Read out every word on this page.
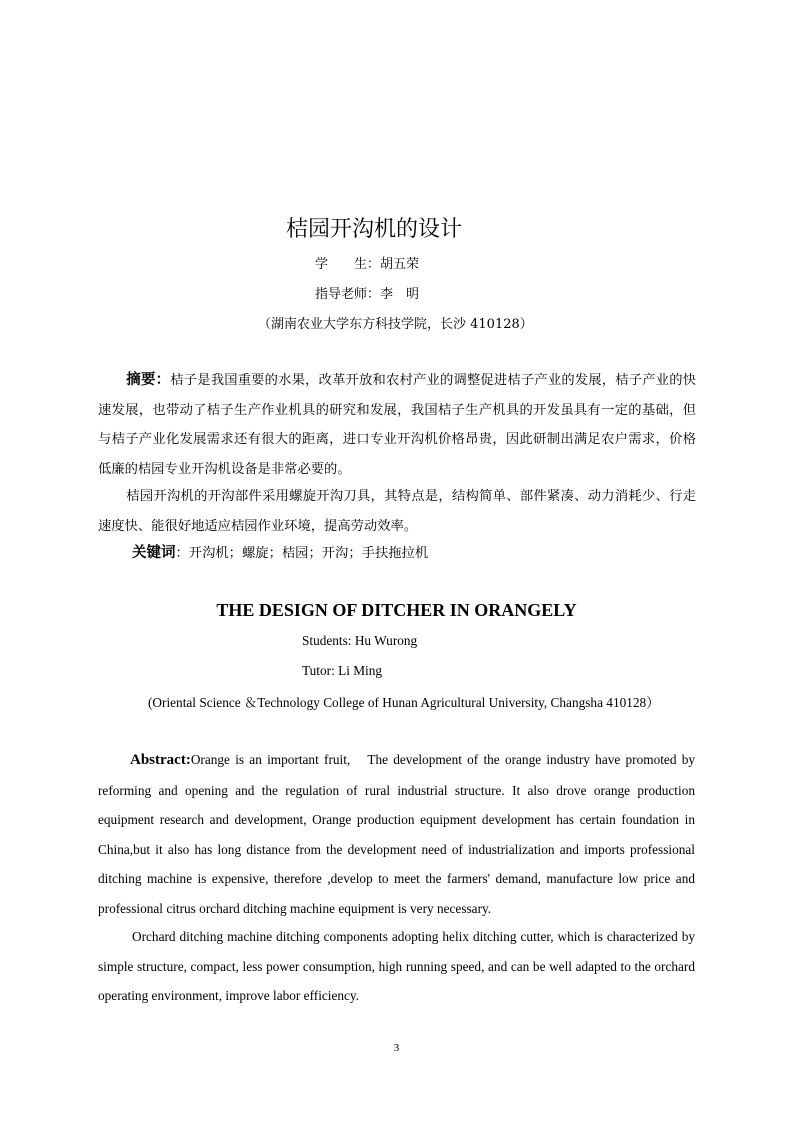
桔园开沟机的设计
学　　生：胡五荣
指导老师：李　明
（湖南农业大学东方科技学院，长沙 410128）
摘要：桔子是我国重要的水果，改革开放和农村产业的调整促进桔子产业的发展，桔子产业的快速发展，也带动了桔子生产作业机具的研究和发展，我国桔子生产机具的开发虽具有一定的基础，但与桔子产业化发展需求还有很大的距离，进口专业开沟机价格昂贵，因此研制出满足农户需求，价格低廉的桔园专业开沟机设备是非常必要的。
桔园开沟机的开沟部件采用螺旋开沟刀具，其特点是，结构简单、部件紧凑、动力消耗少、行走速度快、能很好地适应桔园作业环境，提高劳动效率。
关键词：开沟机；螺旋；桔园；开沟；手扶拖拉机
THE DESIGN OF DITCHER IN ORANGELY
Students: Hu Wurong
Tutor: Li Ming
(Oriental Science ＆Technology College of Hunan Agricultural University, Changsha 410128）
Abstract:Orange is an important fruit,　The development of the orange industry have promoted by reforming and opening and the regulation of rural industrial structure. It also drove orange production equipment research and development, Orange production equipment development has certain foundation in China,but it also has long distance from the development need of industrialization and imports professional ditching machine is expensive, therefore ,develop to meet the farmers' demand, manufacture low price and professional citrus orchard ditching machine equipment is very necessary.
Orchard ditching machine ditching components adopting helix ditching cutter, which is characterized by simple structure, compact, less power consumption, high running speed, and can be well adapted to the orchard operating environment, improve labor efficiency.
3
